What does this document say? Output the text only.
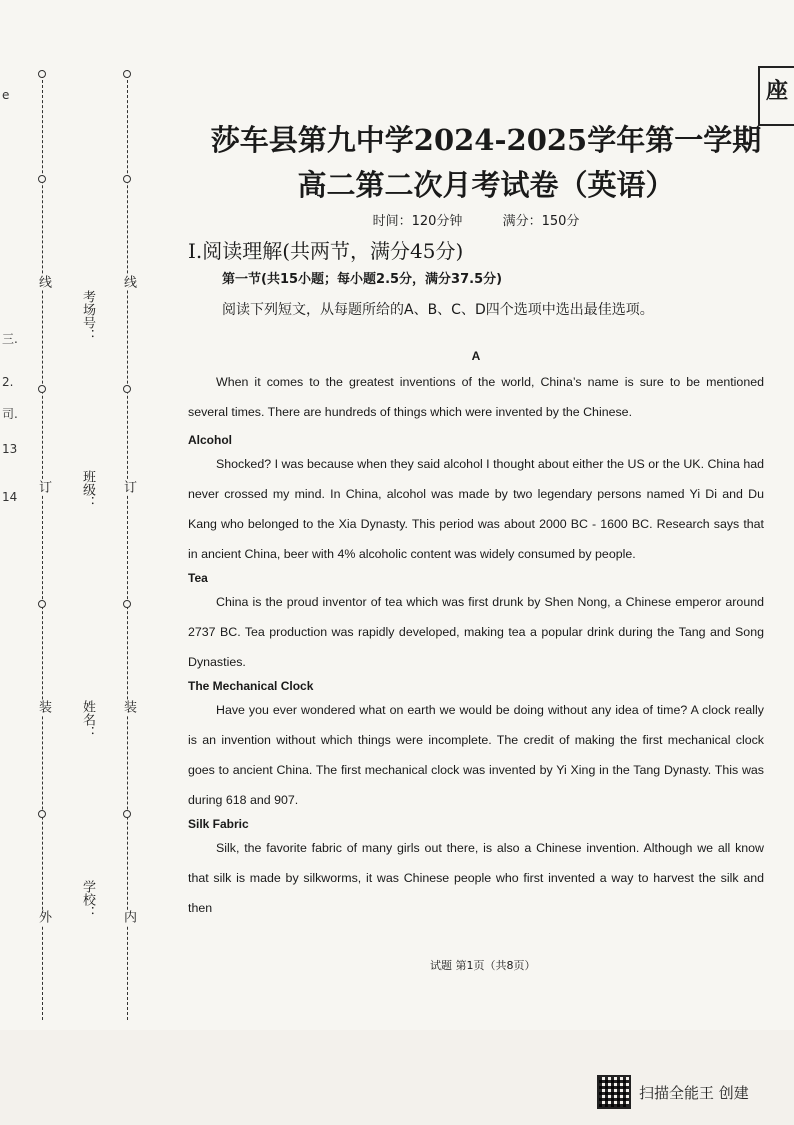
线
订
装
外
线
订
装
内
考场号：
班级：
姓名：
学校：
e
三.
2.
司.
13
14
座
莎车县第九中学2024-2025学年第一学期
高二第二次月考试卷（英语）
时间：120分钟	满分：150分
I.阅读理解(共两节，满分45分)
第一节(共15小题；每小题2.5分，满分37.5分)
阅读下列短文，从每题所给的A、B、C、D四个选项中选出最佳选项。
A

When it comes to the greatest inventions of the world, China’s name is sure to be mentioned several times. There are hundreds of things which were invented by the Chinese.

Alcohol

Shocked? I was because when they said alcohol I thought about either the US or the UK. China had never crossed my mind. In China, alcohol was made by two legendary persons named Yi Di and Du Kang who belonged to the Xia Dynasty. This period was about 2000 BC - 1600 BC. Research says that in ancient China, beer with 4% alcoholic content was widely consumed by people.

Tea

China is the proud inventor of tea which was first drunk by Shen Nong, a Chinese emperor around 2737 BC. Tea production was rapidly developed, making tea a popular drink during the Tang and Song Dynasties.

The Mechanical Clock

Have you ever wondered what on earth we would be doing without any idea of time? A clock really is an invention without which things were incomplete. The credit of making the first mechanical clock goes to ancient China. The first mechanical clock was invented by Yi Xing in the Tang Dynasty. This was during 618 and 907.

Silk Fabric

Silk, the favorite fabric of many girls out there, is also a Chinese invention. Although we all know that silk is made by silkworms, it was Chinese people who first invented a way to harvest the silk and then

试题 第1页（共8页）
扫描全能王 创建
